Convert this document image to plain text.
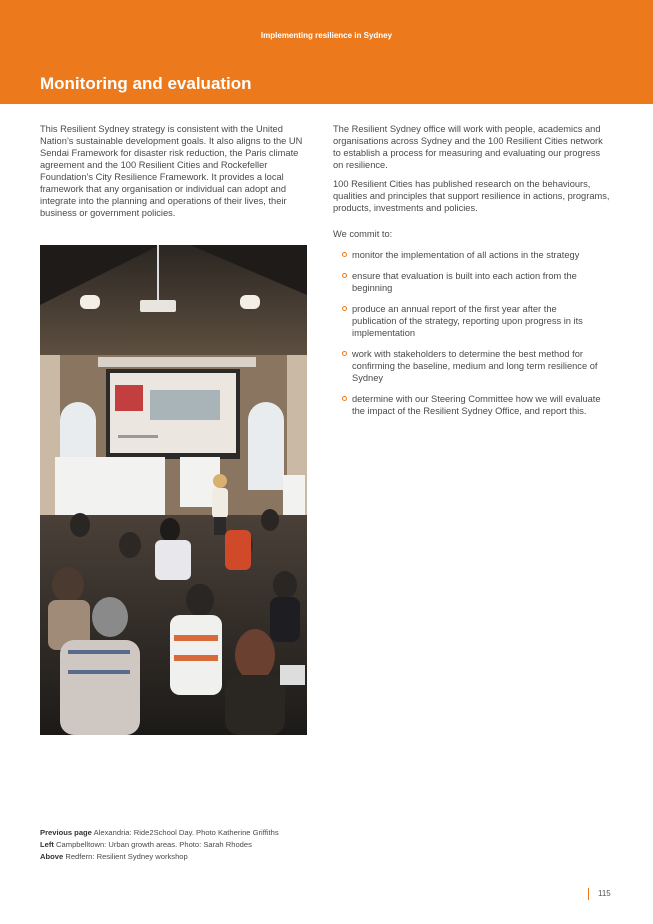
Implementing resilience in Sydney
Monitoring and evaluation

This Resilient Sydney strategy is consistent with the United Nation’s sustainable development goals. It also aligns to the UN Sendai Framework for disaster risk reduction, the Paris climate agreement and the 100 Resilient Cities and Rockefeller Foundation’s City Resilience Framework. It provides a local framework that any organisation or individual can adopt and integrate into the planning and operations of their lives, their business or government policies.

The Resilient Sydney office will work with people, academics and organisations across Sydney and the 100 Resilient Cities network to establish a process for measuring and evaluating our progress on resilience.

100 Resilient Cities has published research on the behaviours, qualities and principles that support resilience in actions, programs, products, investments and policies.

We commit to:

monitor the implementation of all actions in the strategy
ensure that evaluation is built into each action from the beginning
produce an annual report of the first year after the publication of the strategy, reporting upon progress in its implementation
work with stakeholders to determine the best method for confirming the baseline, medium and long term resilience of Sydney
determine with our Steering Committee how we will evaluate the impact of the Resilient Sydney Office, and report this.
Previous page Alexandria: Ride2School Day. Photo Katherine Griffiths
Left Campbelltown: Urban growth areas. Photo: Sarah Rhodes
Above Redfern: Resilient Sydney workshop
115
